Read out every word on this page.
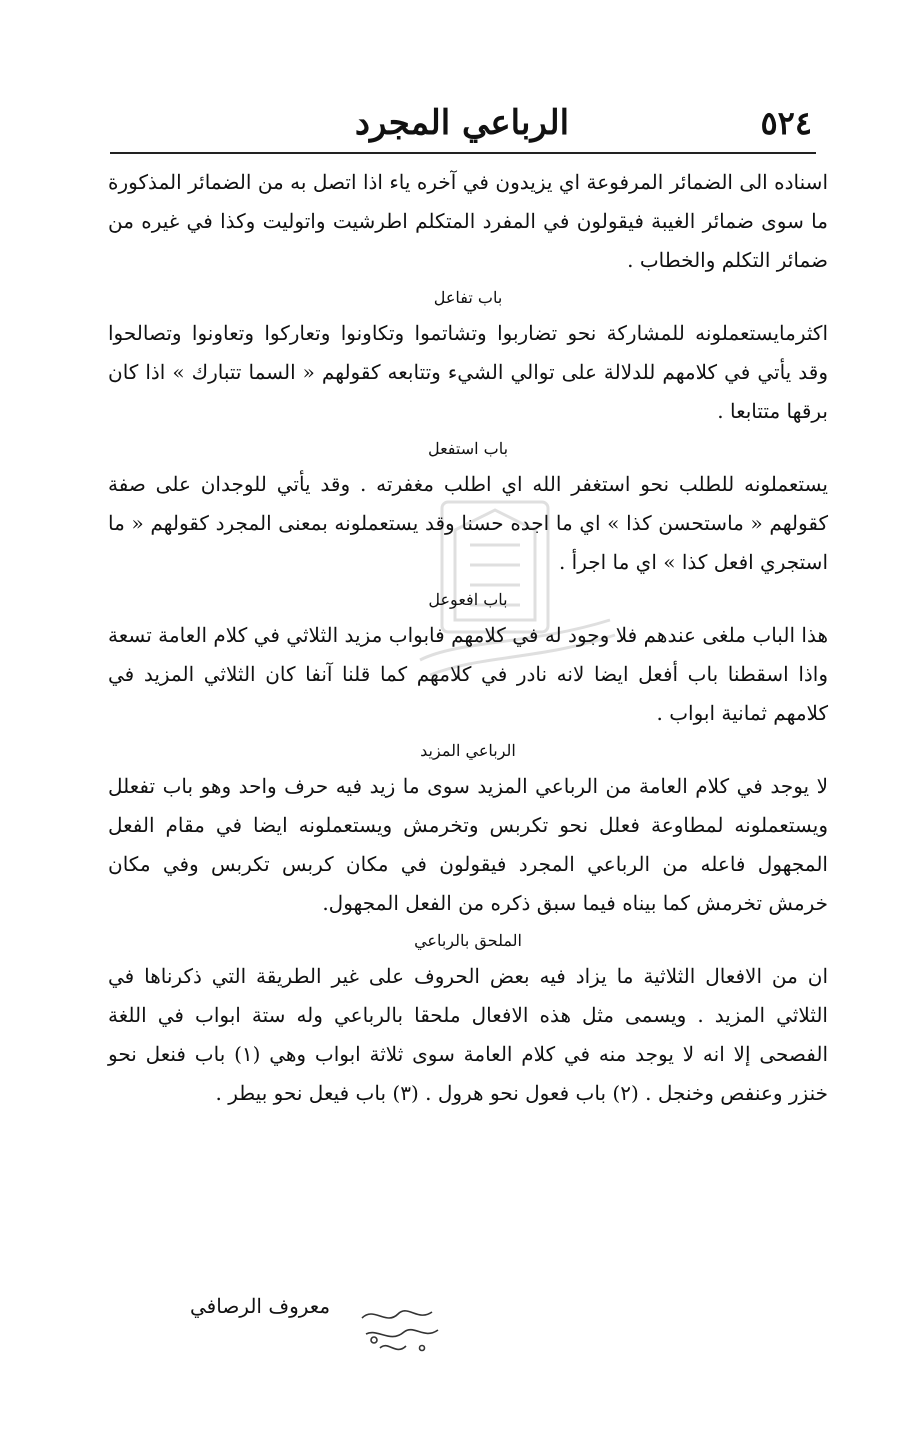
٥٢٤
الرباعي المجرد

اسناده الى الضمائر المرفوعة اي يزيدون في آخره ياء اذا اتصل به من الضمائر المذكورة ما سوى ضمائر الغيبة فيقولون في المفرد المتكلم اطرشيت واتوليت وكذا في غيره من ضمائر التكلم والخطاب .

باب تفاعل

اكثرمايستعملونه للمشاركة نحو تضاربوا وتشاتموا وتكاونوا وتعاركوا وتعاونوا وتصالحوا وقد يأتي في كلامهم للدلالة على توالي الشيء وتتابعه كقولهم « السما تتبارك » اذا كان برقها متتابعا .

باب استفعل

يستعملونه للطلب نحو استغفر الله اي اطلب مغفرته . وقد يأتي للوجدان على صفة كقولهم « ماستحسن كذا » اي ما اجده حسنا وقد يستعملونه بمعنى المجرد كقولهم « ما استجري افعل كذا » اي ما اجرأ .

باب افعوعل

هذا الباب ملغى عندهم فلا وجود له في كلامهم فابواب مزيد الثلاثي في كلام العامة تسعة واذا اسقطنا باب أفعل ايضا لانه نادر في كلامهم كما قلنا آنفا كان الثلاثي المزيد في كلامهم ثمانية ابواب .

الرباعي المزيد

لا يوجد في كلام العامة من الرباعي المزيد سوى ما زيد فيه حرف واحد وهو باب تفعلل ويستعملونه لمطاوعة فعلل نحو تكربس وتخرمش ويستعملونه ايضا في مقام الفعل المجهول فاعله من الرباعي المجرد فيقولون في مكان كربس تكربس وفي مكان خرمش تخرمش كما بيناه فيما سبق ذكره من الفعل المجهول.

الملحق بالرباعي

ان من الافعال الثلاثية ما يزاد فيه بعض الحروف على غير الطريقة التي ذكرناها في الثلاثي المزيد . ويسمى مثل هذه الافعال ملحقا بالرباعي وله ستة ابواب في اللغة الفصحى إلا انه لا يوجد منه في كلام العامة سوى ثلاثة ابواب وهي (١) باب فنعل نحو خنزر وعنفص وخنجل . (٢) باب فعول نحو هرول . (٣) باب فيعل نحو بيطر .

معروف الرصافي
